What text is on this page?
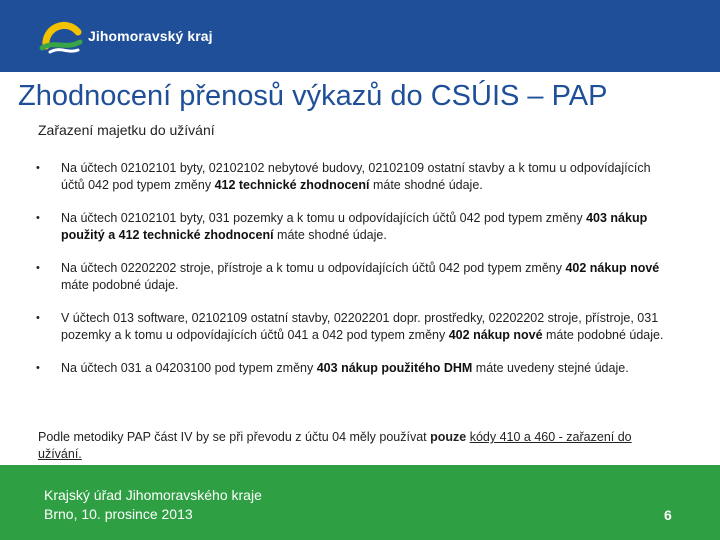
Jihomoravský kraj
Zhodnocení přenosů výkazů do CSÚIS – PAP
Zařazení majetku do užívání
• Na účtech 02102101 byty, 02102102 nebytové budovy, 02102109 ostatní stavby a k tomu u odpovídajících účtů 042 pod typem změny 412 technické zhodnocení máte shodné údaje.
• Na účtech 02102101 byty, 031 pozemky a k tomu u odpovídajících účtů 042 pod typem změny 403 nákup použitý a 412 technické zhodnocení máte shodné údaje.
• Na účtech 02202202 stroje, přístroje a k tomu u odpovídajících účtů 042 pod typem změny 402 nákup nové máte podobné údaje.
• V účtech 013 software, 02102109 ostatní stavby, 02202201 dopr. prostředky, 02202202 stroje, přístroje, 031 pozemky a k tomu u odpovídajících účtů 041 a 042 pod typem změny 402 nákup nové máte podobné údaje.
• Na účtech 031 a 04203100 pod typem změny 403 nákup použitého DHM máte uvedeny stejné údaje.

Podle metodiky PAP část IV by se při převodu z účtu 04 měly používat pouze kódy 410 a 460 - zařazení do užívání.

Krajský úřad Jihomoravského kraje
Brno, 10. prosince 2013	6
